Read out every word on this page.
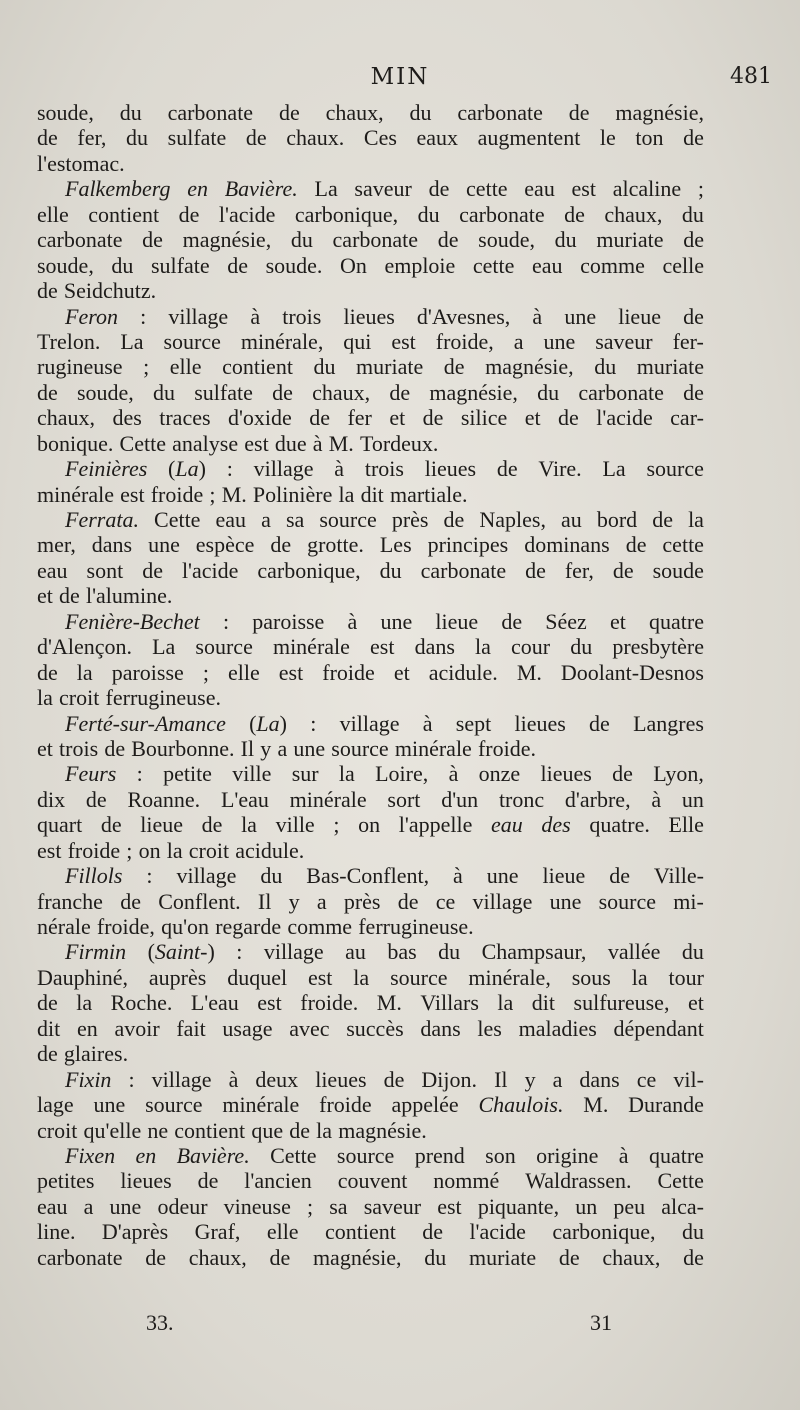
MIN	481
soude, du carbonate de chaux, du carbonate de magnésie,
de fer, du sulfate de chaux. Ces eaux augmentent le ton de
l'estomac.
Falkemberg en Bavière. La saveur de cette eau est alcaline ;
elle contient de l'acide carbonique, du carbonate de chaux, du
carbonate de magnésie, du carbonate de soude, du muriate de
soude, du sulfate de soude. On emploie cette eau comme celle
de Seidchutz.
Feron : village à trois lieues d'Avesnes, à une lieue de
Trelon. La source minérale, qui est froide, a une saveur fer-
rugineuse ; elle contient du muriate de magnésie, du muriate
de soude, du sulfate de chaux, de magnésie, du carbonate de
chaux, des traces d'oxide de fer et de silice et de l'acide car-
bonique. Cette analyse est due à M. Tordeux.
Feinières (La) : village à trois lieues de Vire. La source
minérale est froide ; M. Polinière la dit martiale.
Ferrata. Cette eau a sa source près de Naples, au bord de la
mer, dans une espèce de grotte. Les principes dominans de cette
eau sont de l'acide carbonique, du carbonate de fer, de soude
et de l'alumine.
Fenière-Bechet : paroisse à une lieue de Séez et quatre
d'Alençon. La source minérale est dans la cour du presbytère
de la paroisse ; elle est froide et acidule. M. Doolant-Desnos
la croit ferrugineuse.
Ferté-sur-Amance (La) : village à sept lieues de Langres
et trois de Bourbonne. Il y a une source minérale froide.
Feurs : petite ville sur la Loire, à onze lieues de Lyon,
dix de Roanne. L'eau minérale sort d'un tronc d'arbre, à un
quart de lieue de la ville ; on l'appelle eau des quatre. Elle
est froide ; on la croit acidule.
Fillols : village du Bas-Conflent, à une lieue de Ville-
franche de Conflent. Il y a près de ce village une source mi-
nérale froide, qu'on regarde comme ferrugineuse.
Firmin (Saint-) : village au bas du Champsaur, vallée du
Dauphiné, auprès duquel est la source minérale, sous la tour
de la Roche. L'eau est froide. M. Villars la dit sulfureuse, et
dit en avoir fait usage avec succès dans les maladies dépendant
de glaires.
Fixin : village à deux lieues de Dijon. Il y a dans ce vil-
lage une source minérale froide appelée Chaulois. M. Durande
croit qu'elle ne contient que de la magnésie.
Fixen en Bavière. Cette source prend son origine à quatre
petites lieues de l'ancien couvent nommé Waldrassen. Cette
eau a une odeur vineuse ; sa saveur est piquante, un peu alca-
line. D'après Graf, elle contient de l'acide carbonique, du
carbonate de chaux, de magnésie, du muriate de chaux, de
33.	31
